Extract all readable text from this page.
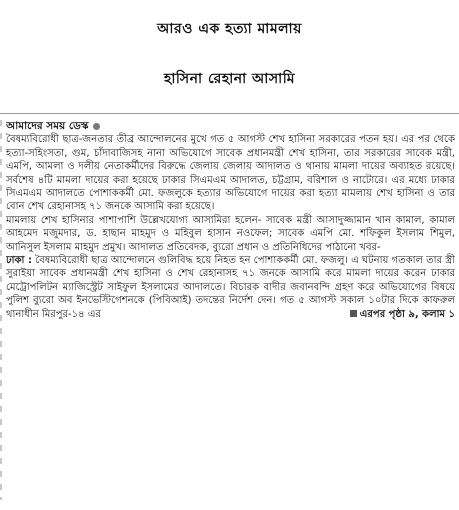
আরও এক হত্যা মামলায়
হাসিনা রেহানা আসামি

আমাদের সময় ডেস্ক

বৈষম্যবিরোধী ছাত্র-জনতার তীব্র আন্দোলনের মুখে গত ৫ আগস্ট শেখ হাসিনা সরকারের পতন হয়। এর পর থেকে হত্যা-সহিংসতা, গুম, চাঁদাবাজিসহ নানা অভিযোগে সাবেক প্রধানমন্ত্রী শেখ হাসিনা, তার সরকারের সাবেক মন্ত্রী, এমপি, আমলা ও দলীয় নেতাকর্মীদের বিরুদ্ধে জেলায় জেলায় আদালত ও থানায় মামলা দায়ের অব্যাহত রয়েছে। সর্বশেষ ৪টি মামলা দায়ের করা হয়েছে ঢাকার সিএমএম আদালত, চট্টগ্রাম, বরিশাল ও নাটোরে। এর মধ্যে ঢাকার সিএমএম আদালতে পোশাককর্মী মো. ফজলুকে হত্যার অভিযোগে দায়ের করা হত্যা মামলায় শেখ হাসিনা ও তার বোন শেখ রেহানাসহ ৭১ জনকে আসামি করা হয়েছে।

মামলায় শেখ হাসিনার পাশাপাশি উল্লেখযোগ্য আসামিরা হলেন- সাবেক মন্ত্রী আসাদুজ্জামান খান কামাল, কামাল আহমেদ মজুমদার, ড. হাছান মাহমুদ ও মহিবুল হাসান নওফেল; সাবেক এমপি মো. শফিকুল ইসলাম শিমুল, আনিসুল ইসলাম মাহমুদ প্রমুখ। আদালত প্রতিবেদক, ব্যুরো প্রধান ও প্রতিনিধিদের পাঠানো খবর-

ঢাকা : বৈষম্যবিরোধী ছাত্র আন্দোলনে গুলিবিদ্ধ হয়ে নিহত হন পোশাককর্মী মো. ফজলু। এ ঘটনায় গতকাল তার স্ত্রী সুরাইয়া সাবেক প্রধানমন্ত্রী শেখ হাসিনা ও শেখ রেহানাসহ ৭১ জনকে আসামি করে মামলা দায়ের করেন ঢাকার মেট্রোপলিটন ম্যাজিস্ট্রেট সাইফুল ইসলামের আদালতে। বিচারক বাদীর জবানবন্দি গ্রহণ করে অভিযোগের বিষয়ে পুলিশ ব্যুরো অব ইনভেস্টিগেশনকে (পিবিআই) তদন্তের নির্দেশ দেন। গত ৫ আগস্ট সকাল ১০টার দিকে কাফরুল থানাধীন মিরপুর-১৪ এর	এরপর পৃষ্ঠা ৯, কলাম ১
